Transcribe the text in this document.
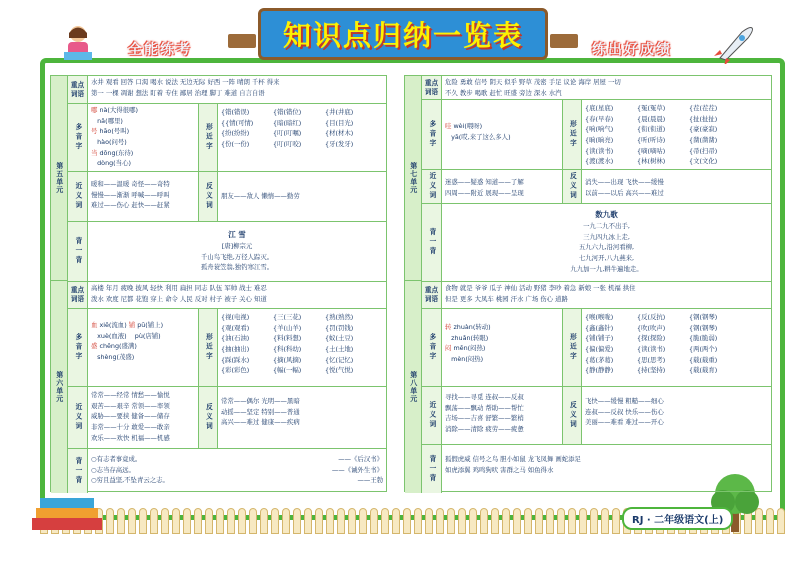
全能练考	练出好成绩
知识点归纳一览表
RJ · 二年级语文(上)
第五单元
第六单元
重点词语

水井 观看 回答 口渴 喝水 说法 无边无际 好西 一阵 晴朗 千杯 得来

第一 一棵 凋谢 想法 盯着 专住 鄙居 治理 脚丁 难道 自言自语

多音字

哪 nà(大得很哪)

nǎ(哪里)

号 hāo(号叫)

hào(问号)

当 dōng(东待)

dòng(当心)

形近字

{错(错误)	{错(错位)	{井(井底)

{{情(可情)	{暗(暗红)	{目(目光)

{纷(纷纷)	{叮(叮嘱)	{材(材木)

{份(一份)	{叮(叮咬)	{牙(发牙)

近义词	暖和——温暖 奇怪——奇特

慢慢——渐渐 呼喊——呼叫

难过——伤心 赶快——赶紧	反义词	朋友——敌人 懒惰——勤劳

背一背
江 雪

[唐]柳宗元

千山鸟飞绝,万径人踪灭。

孤舟蓑笠翁,独钓寒江雪。

重点词语

高楼 年月 疲晚 披风 轻快 利用 扁担 同志 队伍 军帅 战士 难忍

泼水 欢度 尼都 花饱 穿上 命令 人民 反对 村子 被子 关心 知道

多音字

血 xiě(流血) 铺 pū(铺上)

xuè(血液) pù(店铺)

盛 chēng(盛满)

shèng(茂盛)	形近字

{视(电视)	{三(三花)	{熟(熟然)

{观(观看)	{羊(山羊)	{罚(罚钱)

{油(石油)	{料(料想)	{蚁(土豆)

{抽(抽出)	{科(科幼)	{土(土地)

{踩(踩水)	{摘(风摘)	{忆(记忆)

{彩(彩色)	{幅(一幅)	{悦(气悦)

近义词

常常——经常 情愁——愉悦

艰苦——艰辛 常领——率领

威胁——要挟 健备——储存

非常——十分 敢爱——敢亲

欢乐——欢快 机福——机感

反义词

常常——偶尔 光明——黑暗

动摇——坚定 特别——普通

高兴——难过 健康——疾病

背一背	○有志者事竟成。	——《后汉书》

○志当存高远。	——《诫外生书》

○穷且益坚,不坠青云之志。	——王勃

第七单元
第八单元
重点词语

危险 勇敢 信号 阴天 似乎 野草 茂密 手足 议论 海岸 居屋 一切

不久 教步 喝歌 赶忙 旺盛 旁边 深水 水汽

多音字	哇 wèi(喂呀)

yā(哎,来了这么多人)	形近字

{底(星底)	{冤(冤草)	{茬(茬茬)

{春(早春)	{晨(晨晨)	{扯(扯扯)

{响(响气)	{衔(衔道)	{豪(豪寂)

{晌(晌亮)	{听(听诗)	{凿(凿凿)

{读(读书)	{嘀(嘀咕)	{帚(扫帚)

{渡(渡水)	{林(树林)	{文(文化)

近义词	迷惑——疑惑 知道——了解

四周——附近 展现——呈现	反义词	消失——出现 飞快——缓慢

以前——以后 高兴——难过

背一背
数九歌

一九二九不出手,

三九四九冰上走,

五九六九,沿河看柳,

七九河开,八九燕来,

九九加一九,耕牛遍地走。

重点词语

食物 就是 爷爷 瓜子 神仙 活动 野猪 李吵 着急 新娘 一张 机福 拱住

但是 更多 大凤车 桃园 汗水 广场 伤心 道路

多音字

转 zhuàn(转动)

zhuǎn(转眼)

闷 mēn(闷热)

mèn(闷热)	形近字

{喉(喉咙)	{反(反抗)	{钢(钢琴)

{鑫(鑫针)	{吹(吹声)	{钢(钢琴)

{铺(铺子)	{探(探险)	{脆(脆弱)

{偏(偏爱)	{读(读书)	{两(两个)

{葛(茅葛)	{思(思考)	{载(载重)

{静(静静)	{持(坚持)	{载(载育)

近义词

寻找——寻觅 连叔——反叔

飘荡——飘动 帮助——帮忙

吉场——吉喜 舒繁——繁梢

消除——清除 疲劳——疲惫	反义词

飞快——缓慢 粗糙——细心

连叔——反叔 快乐——伤心

美丽——难看 难过——开心

背一背	狐假虎威 信号之鸟 胆小如鼠 龙飞凤舞 画蛇添足

如虎添翼 鸡鸣狗吠 害群之马 如鱼得水
